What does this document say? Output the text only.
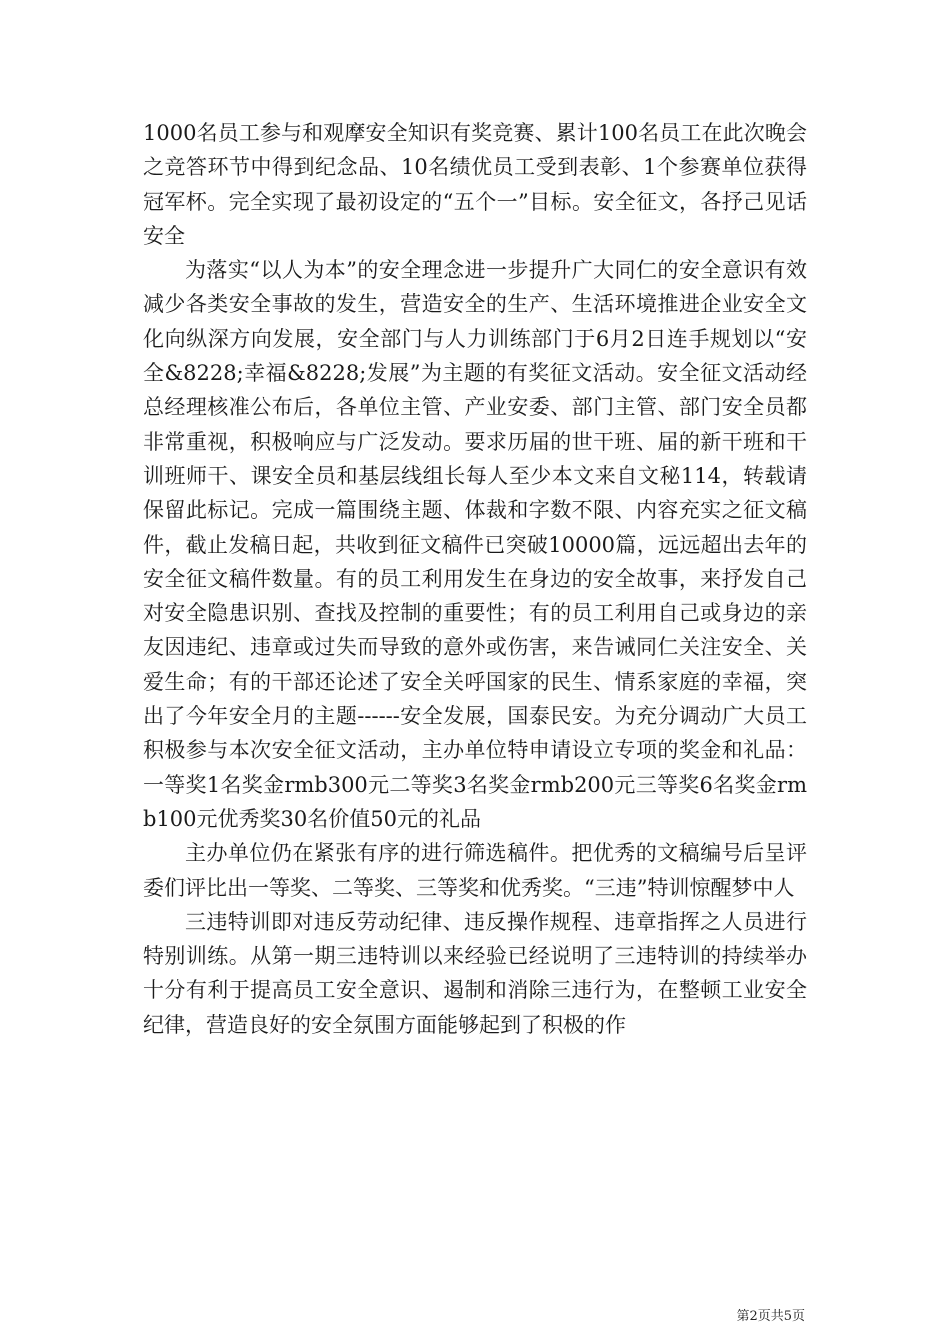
1000名员工参与和观摩安全知识有奖竞赛、累计100名员工在此次晚会之竞答环节中得到纪念品、10名绩优员工受到表彰、1个参赛单位获得冠军杯。完全实现了最初设定的“五个一”目标。安全征文，各抒己见话安全

为落实“以人为本”的安全理念进一步提升广大同仁的安全意识有效减少各类安全事故的发生，营造安全的生产、生活环境推进企业安全文化向纵深方向发展，安全部门与人力训练部门于6月2日连手规划以“安全&8228;幸福&8228;发展”为主题的有奖征文活动。安全征文活动经总经理核准公布后，各单位主管、产业安委、部门主管、部门安全员都非常重视，积极响应与广泛发动。要求历届的世干班、届的新干班和干训班师干、课安全员和基层线组长每人至少本文来自文秘114，转载请保留此标记。完成一篇围绕主题、体裁和字数不限、内容充实之征文稿件，截止发稿日起，共收到征文稿件已突破10000篇，远远超出去年的安全征文稿件数量。有的员工利用发生在身边的安全故事，来抒发自己对安全隐患识别、查找及控制的重要性；有的员工利用自己或身边的亲友因违纪、违章或过失而导致的意外或伤害，来告诫同仁关注安全、关爱生命；有的干部还论述了安全关呼国家的民生、情系家庭的幸福，突出了今年安全月的主题------安全发展，国泰民安。为充分调动广大员工积极参与本次安全征文活动，主办单位特申请设立专项的奖金和礼品：一等奖1名奖金rmb300元二等奖3名奖金rmb200元三等奖6名奖金rmb100元优秀奖30名价值50元的礼品

主办单位仍在紧张有序的进行筛选稿件。把优秀的文稿编号后呈评委们评比出一等奖、二等奖、三等奖和优秀奖。“三违”特训惊醒梦中人

三违特训即对违反劳动纪律、违反操作规程、违章指挥之人员进行特别训练。从第一期三违特训以来经验已经说明了三违特训的持续举办十分有利于提高员工安全意识、遏制和消除三违行为，在整顿工业安全纪律，营造良好的安全氛围方面能够起到了积极的作

第2页共5页
